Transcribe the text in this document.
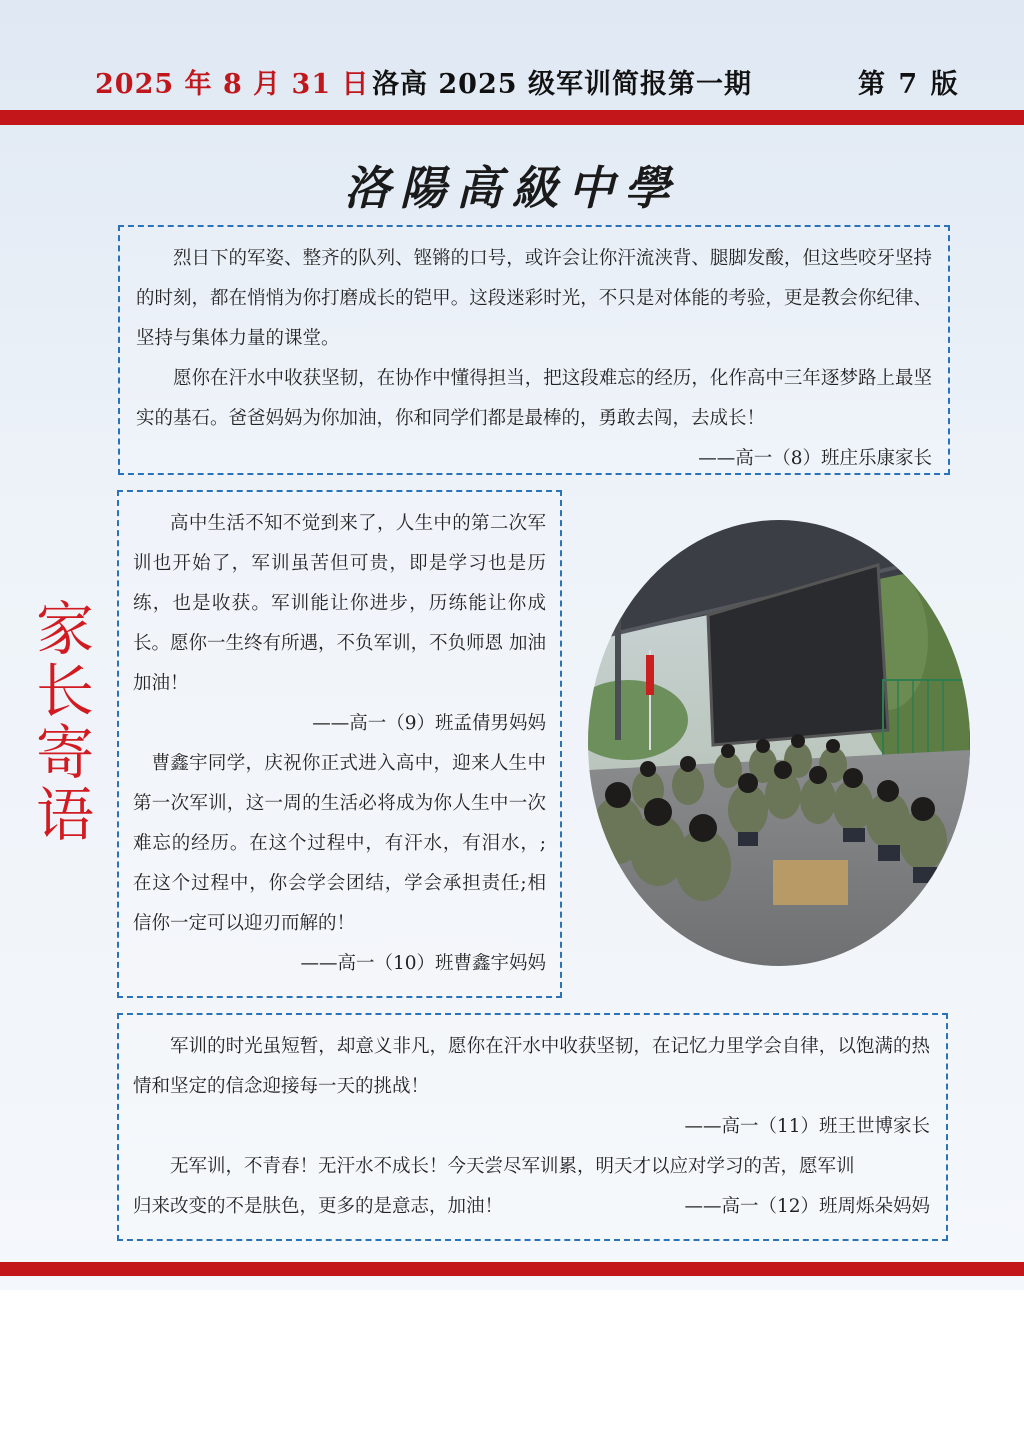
2025 年 8 月 31 日 洛高 2025 级军训简报第一期	第 7 版
洛陽高級中學

烈日下的军姿、整齐的队列、铿锵的口号，或许会让你汗流浃背、腿脚发酸，但这些咬牙坚持的时刻，都在悄悄为你打磨成长的铠甲。这段迷彩时光，不只是对体能的考验，更是教会你纪律、坚持与集体力量的课堂。

愿你在汗水中收获坚韧，在协作中懂得担当，把这段难忘的经历，化作高中三年逐梦路上最坚实的基石。爸爸妈妈为你加油，你和同学们都是最棒的，勇敢去闯，去成长！

——高一（8）班庄乐康家长

家
长
寄
语

高中生活不知不觉到来了，人生中的第二次军训也开始了，军训虽苦但可贵，即是学习也是历练，也是收获。军训能让你进步，历练能让你成长。愿你一生终有所遇，不负军训，不负师恩 加油 加油！

——高一（9）班孟倩男妈妈

曹鑫宇同学，庆祝你正式进入高中，迎来人生中第一次军训，这一周的生活必将成为你人生中一次难忘的经历。在这个过程中，有汗水，有泪水，;在这个过程中，你会学会团结，学会承担责任;相信你一定可以迎刃而解的！

——高一（10）班曹鑫宇妈妈

军训的时光虽短暂，却意义非凡，愿你在汗水中收获坚韧，在记忆力里学会自律，以饱满的热情和坚定的信念迎接每一天的挑战！

——高一（11）班王世博家长

无军训，不青春！无汗水不成长！今天尝尽军训累，明天才以应对学习的苦，愿军训

归来改变的不是肤色，更多的是意志，加油！	——高一（12）班周烁朵妈妈
